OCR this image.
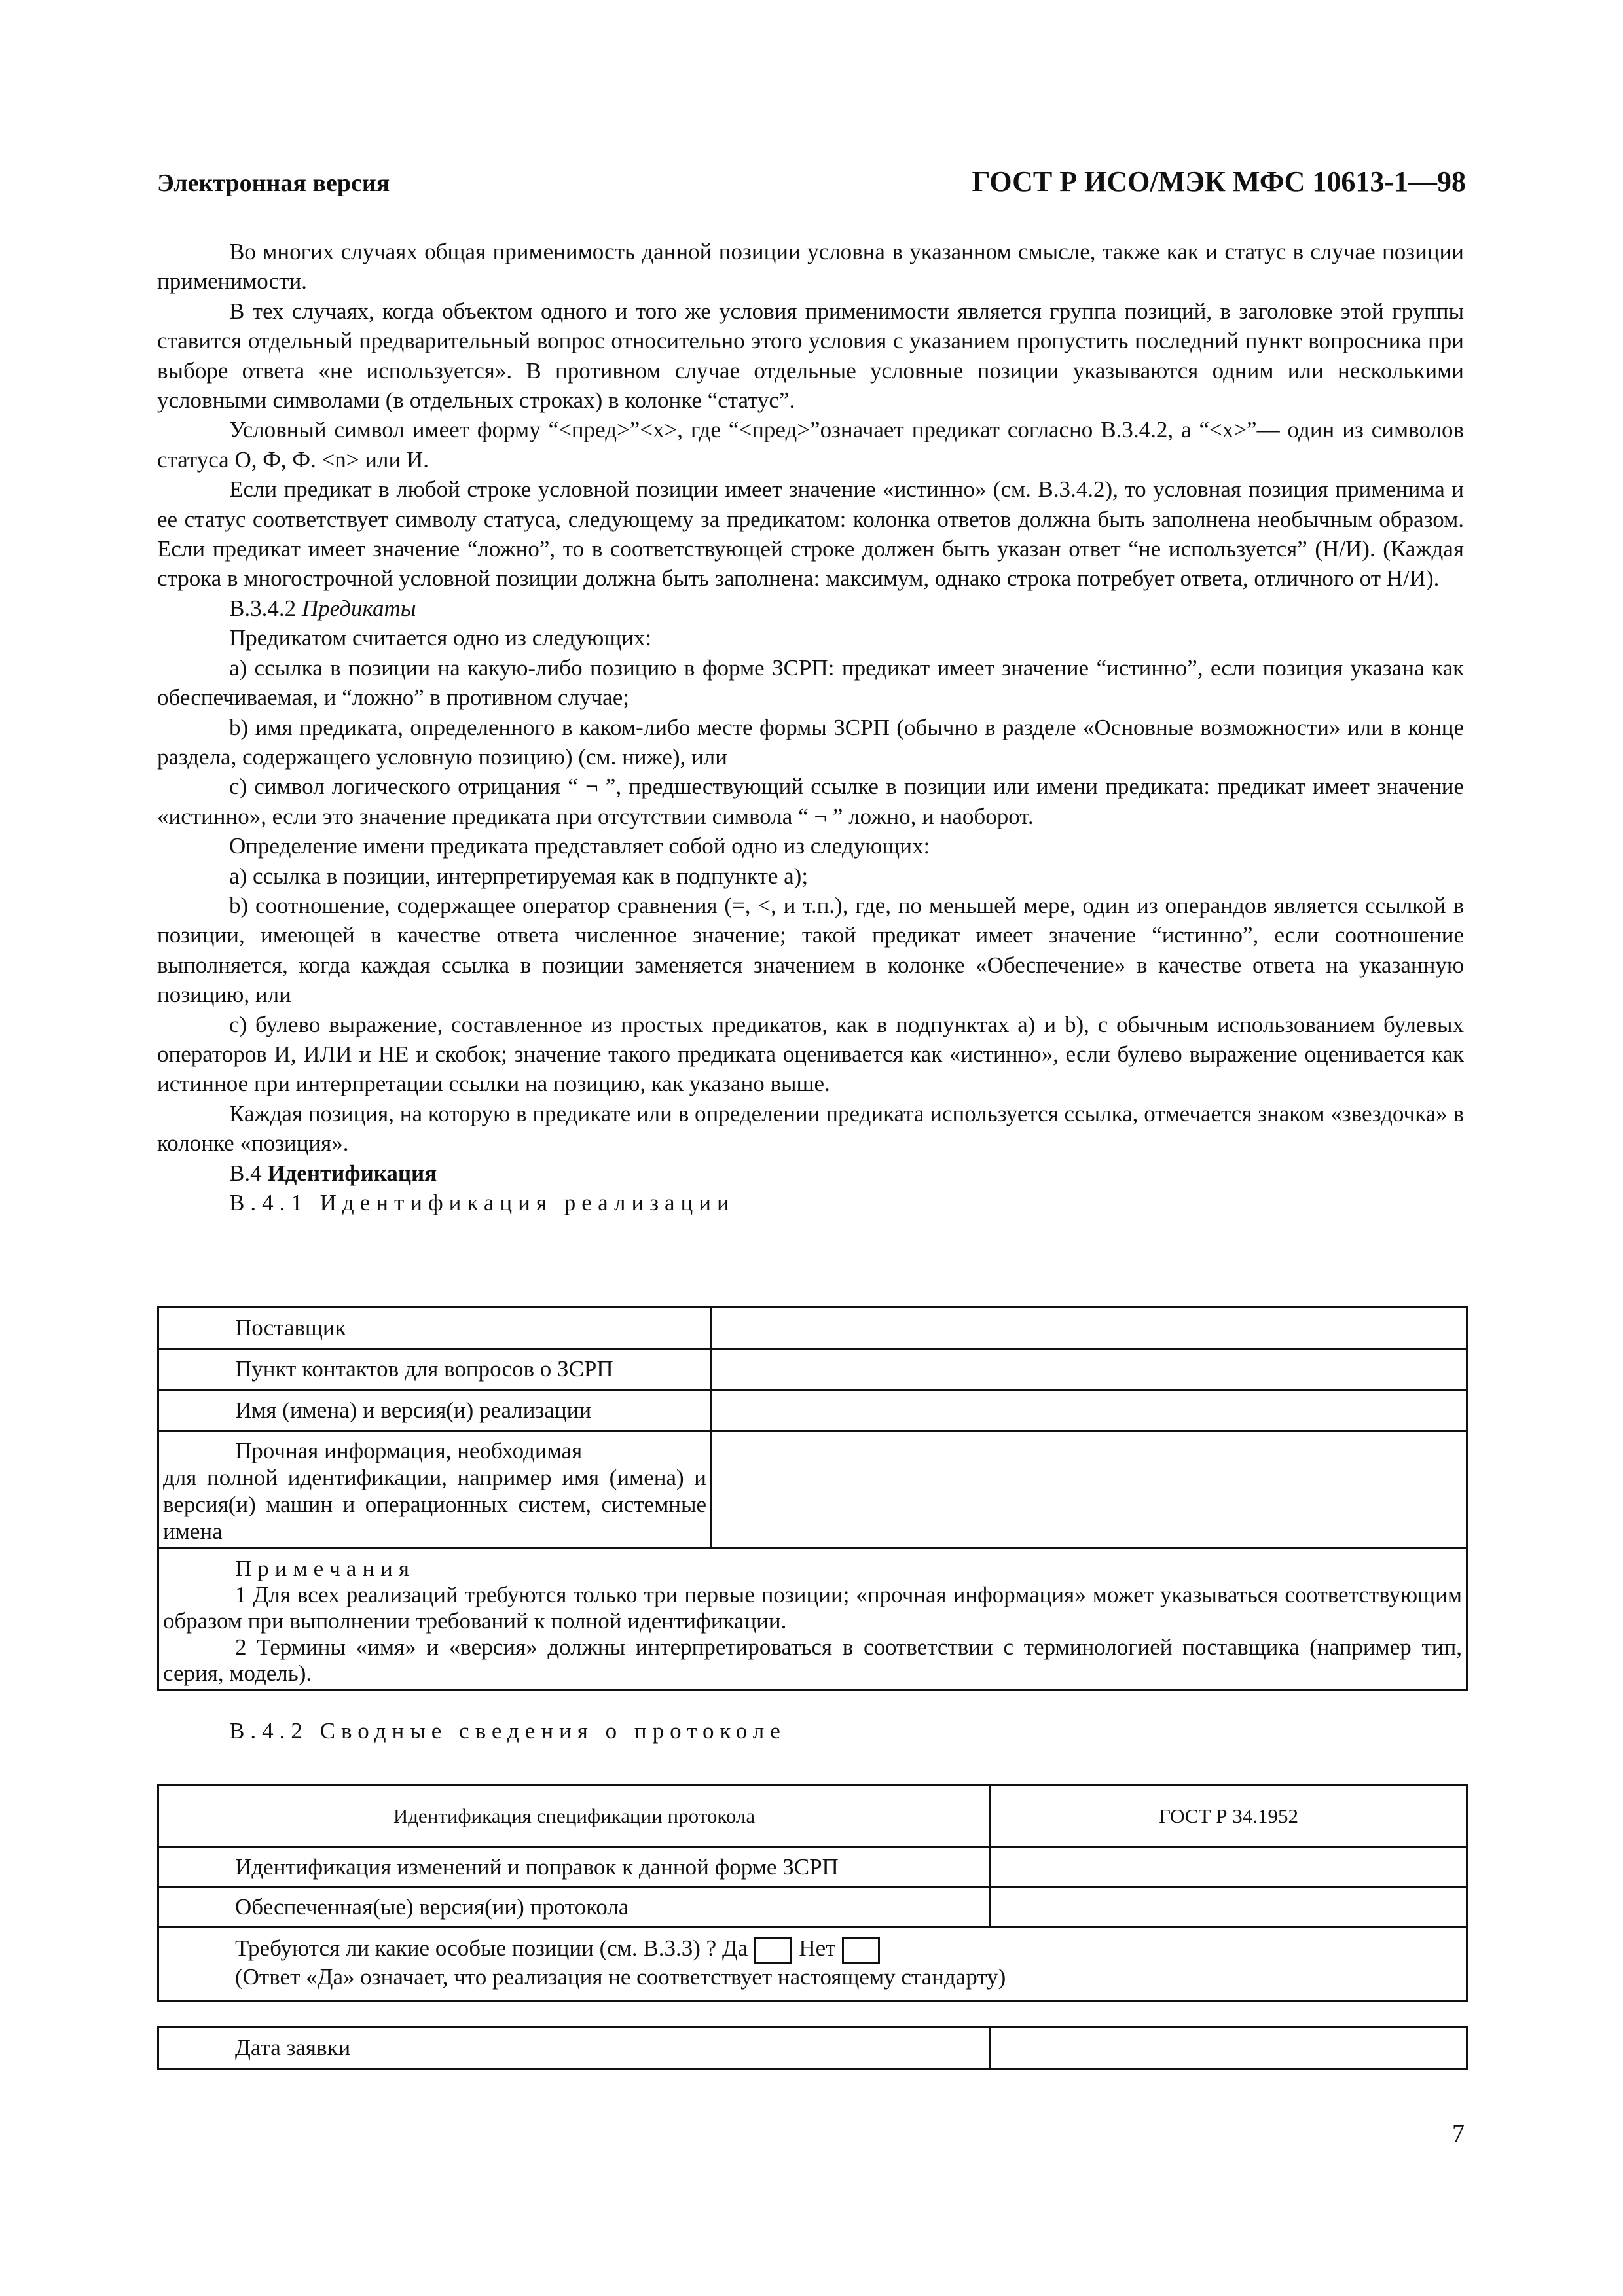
Электронная версия	ГОСТ Р ИСО/МЭК МФС 10613-1—98

Во многих случаях общая применимость данной позиции условна в указанном смысле, также как и статус в случае позиции применимости.

В тех случаях, когда объектом одного и того же условия применимости является группа позиций, в заголовке этой группы ставится отдельный предварительный вопрос относительно этого условия с указанием пропустить последний пункт вопросника при выборе ответа «не используется». В противном случае отдельные условные позиции указываются одним или несколькими условными символами (в отдельных строках) в колонке “статус”.

Условный символ имеет форму “<пред>”<x>, где “<пред>”означает предикат согласно В.3.4.2, а “<x>”— один из символов статуса О, Ф, Ф. <n> или И.

Если предикат в любой строке условной позиции имеет значение «истинно» (см. В.3.4.2), то условная позиция применима и ее статус соответствует символу статуса, следующему за предикатом: колонка ответов должна быть заполнена необычным образом. Если предикат имеет значение “ложно”, то в соответствующей строке должен быть указан ответ “не используется” (Н/И). (Каждая строка в многострочной условной позиции должна быть заполнена: максимум, однако строка потребует ответа, отличного от Н/И).

В.3.4.2 Предикаты

Предикатом считается одно из следующих:

а) ссылка в позиции на какую-либо позицию в форме ЗСРП: предикат имеет значение “истинно”, если позиция указана как обеспечиваемая, и “ложно” в противном случае;

b) имя предиката, определенного в каком-либо месте формы ЗСРП (обычно в разделе «Основные возможности» или в конце раздела, содержащего условную позицию) (см. ниже), или

с) символ логического отрицания “ ¬ ”, предшествующий ссылке в позиции или имени предиката: предикат имеет значение «истинно», если это значение предиката при отсутствии символа “ ¬ ” ложно, и наоборот.

Определение имени предиката представляет собой одно из следующих:

а) ссылка в позиции, интерпретируемая как в подпункте а);

b) соотношение, содержащее оператор сравнения (=, <, и т.п.), где, по меньшей мере, один из операндов является ссылкой в позиции, имеющей в качестве ответа численное значение; такой предикат имеет значение “истинно”, если соотношение выполняется, когда каждая ссылка в позиции заменяется значением в колонке «Обеспечение» в качестве ответа на указанную позицию, или

с) булево выражение, составленное из простых предикатов, как в подпунктах а) и b), с обычным использованием булевых операторов И, ИЛИ и НЕ и скобок; значение такого предиката оценивается как «истинно», если булево выражение оценивается как истинное при интерпретации ссылки на позицию, как указано выше.

Каждая позиция, на которую в предикате или в определении предиката используется ссылка, отмечается знаком «звездочка» в колонке «позиция».

В.4 Идентификация

В.4.1 Идентификация реализации

Поставщик	
Пункт контактов для вопросов о ЗСРП	
Имя (имена) и версия(и) реализации	

Прочная информация, необходимая
для полной идентификации, например имя (имена) и версия(и) машин и операционных систем, системные имена	

Примечания

1 Для всех реализаций требуются только три первые позиции; «прочная информация» может указываться соответствующим образом при выполнении требований к полной идентификации.

2 Термины «имя» и «версия» должны интерпретироваться в соответствии с терминологией поставщика (например тип, серия, модель).	

В.4.2 Сводные сведения о протоколе
Идентификация спецификации протокола	ГОСТ Р 34.1952
Идентификация изменений и поправок к данной форме ЗСРП	
Обеспеченная(ые) версия(ии) протокола	

Требуются ли какие особые позиции (см. В.3.3) ? Да Нет
(Ответ «Да» означает, что реализация не соответствует настоящему стандарту)	
Дата заявки	
7
